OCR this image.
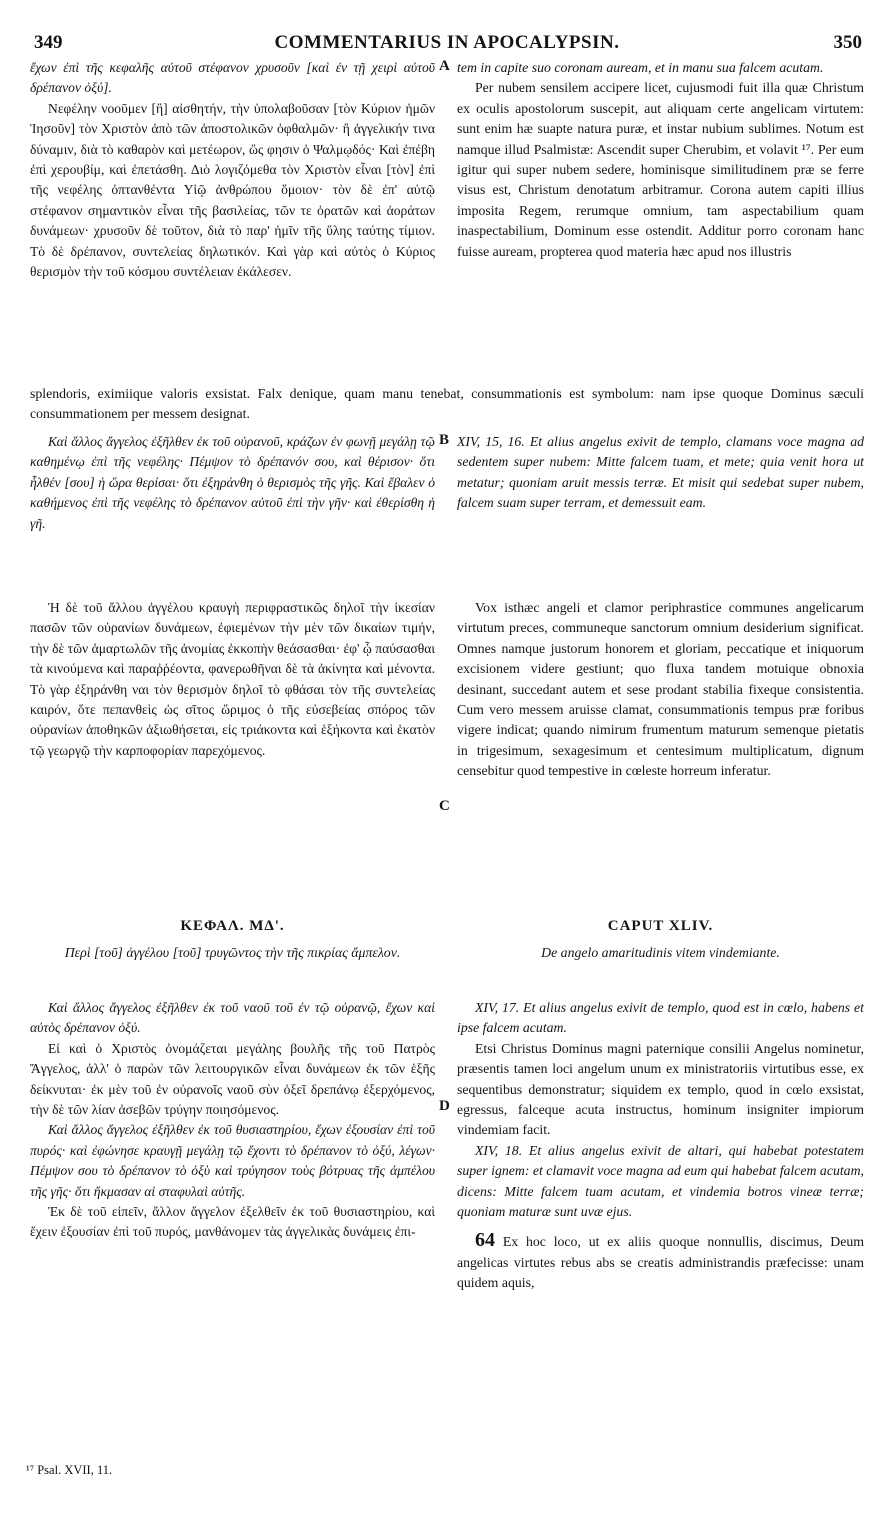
349	COMMENTARIUS IN APOCALYPSIN.	350

ἔχων ἐπὶ τῆς κεφαλῆς αὐτοῦ στέφανον χρυσοῦν [καὶ ἐν τῇ χειρὶ αὐτοῦ δρέπανον ὀξύ].

Νεφέλην νοοῦμεν [ἢ] αἰσθητήν, τὴν ὑπολαβοῦσαν [τὸν Κύριον ἡμῶν Ἰησοῦν] τὸν Χριστὸν ἀπὸ τῶν ἀποστολικῶν ὀφθαλμῶν· ἢ ἀγγελικήν τινα δύναμιν, διὰ τὸ καθαρὸν καὶ μετέωρον, ὥς φησιν ὁ Ψαλμῳδός· Καὶ ἐπέβη ἐπὶ χερουβίμ, καὶ ἐπετάσθη. Διὸ λογιζόμεθα τὸν Χριστὸν εἶναι [τὸν] ἐπὶ τῆς νεφέλης ὀπτανθέντα Υἱῷ ἀνθρώπου ὅμοιον· τὸν δὲ ἐπ' αὐτῷ στέφανον σημαντικὸν εἶναι τῆς βασιλείας, τῶν τε ὁρατῶν καὶ ἀοράτων δυνάμεων· χρυσοῦν δὲ τοῦτον, διὰ τὸ παρ' ἡμῖν τῆς ὕλης ταύτης τίμιον. Τὸ δὲ δρέπανον, συντελείας δηλωτικόν. Καὶ γὰρ καὶ αὐτὸς ὁ Κύριος θερισμὸν τὴν τοῦ κόσμου συντέλειαν ἐκάλεσεν.

A tem in capite suo coronam auream, et in manu sua falcem acutam.

Per nubem sensilem accipere licet, cujusmodi fuit illa quæ Christum ex oculis apostolorum suscepit, aut aliquam certe angelicam virtutem: sunt enim hæ suapte natura puræ, et instar nubium sublimes. Notum est namque illud Psalmistæ: Ascendit super Cherubim, et volavit ¹⁷. Per eum igitur qui super nubem sedere, hominisque similitudinem præ se ferre visus est, Christum denotatum arbitramur. Corona autem capiti illius imposita Regem, rerumque omnium, tam aspectabilium quam inaspectabilium, Dominum esse ostendit. Additur porro coronam hanc fuisse auream, propterea quod materia hæc apud nos illustris

splendoris, eximiique valoris exsistat. Falx denique, quam manu tenebat, consummationis est symbolum: nam ipse quoque Dominus sæculi consummationem per messem designat.

Καὶ ἄλλος ἄγγελος ἐξῆλθεν ἐκ τοῦ οὐρανοῦ, κράζων ἐν φωνῇ μεγάλῃ τῷ καθημένῳ ἐπὶ τῆς νεφέλης· Πέμψον τὸ δρέπανόν σου, καὶ θέρισον· ὅτι ἦλθέν [σου] ἡ ὥρα θερίσαι· ὅτι ἐξηράνθη ὁ θερισμὸς τῆς γῆς. Καὶ ἔβαλεν ὁ καθήμενος ἐπὶ τῆς νεφέλης τὸ δρέπανον αὐτοῦ ἐπὶ τὴν γῆν· καὶ ἐθερίσθη ἡ γῆ.

B XIV, 15, 16. Et alius angelus exivit de templo, clamans voce magna ad sedentem super nubem: Mitte falcem tuam, et mete; quia venit hora ut metatur; quoniam aruit messis terræ. Et misit qui sedebat super nubem, falcem suam super terram, et demessuit eam.

Ἡ δὲ τοῦ ἄλλου ἀγγέλου κραυγὴ περιφραστικῶς δηλοῖ τὴν ἱκεσίαν πασῶν τῶν οὐρανίων δυνάμεων, ἐφιεμένων τὴν μὲν τῶν δικαίων τιμήν, τὴν δὲ τῶν ἁμαρτωλῶν τῆς ἀνομίας ἐκκοπὴν θεάσασθαι· ἐφ' ᾧ παύσασθαι τὰ κινούμενα καὶ παραῤῥέοντα, φανερωθῆναι δὲ τὰ ἀκίνητα καὶ μένοντα. Τὸ γὰρ ἐξηράνθη ναι τὸν θερισμὸν δηλοῖ τὸ φθάσαι τὸν τῆς συντελείας καιρόν, ὅτε πεπανθεὶς ὡς σῖτος ὥριμος ὁ τῆς εὐσεβείας σπόρος τῶν οὐρανίων ἀποθηκῶν ἀξιωθήσεται, εἰς τριάκοντα καὶ ἑξήκοντα καὶ ἑκατὸν τῷ γεωργῷ τὴν καρποφορίαν παρεχόμενος.

C

Vox isthæc angeli et clamor periphrastice communes angelicarum virtutum preces, communeque sanctorum omnium desiderium significat. Omnes namque justorum honorem et gloriam, peccatique et iniquorum excisionem videre gestiunt; quo fluxa tandem motuique obnoxia desinant, succedant autem et sese prodant stabilia fixeque consistentia. Cum vero messem aruisse clamat, consummationis tempus præ foribus vigere indicat; quando nimirum frumentum maturum semenque pietatis in trigesimum, sexagesimum et centesimum multiplicatum, dignum censebitur quod tempestive in cœleste horreum inferatur.

ΚΕΦΑΛ. ΜΔ'.

Περὶ [τοῦ] ἀγγέλου [τοῦ] τρυγῶντος τὴν τῆς πικρίας ἄμπελον.

CAPUT XLIV.

De angelo amaritudinis vitem vindemiante.

Καὶ ἄλλος ἄγγελος ἐξῆλθεν ἐκ τοῦ ναοῦ τοῦ ἐν τῷ οὐρανῷ, ἔχων καὶ αὐτὸς δρέπανον ὀξύ.

Εἰ καὶ ὁ Χριστὸς ὀνομάζεται μεγάλης βουλῆς τῆς τοῦ Πατρὸς Ἄγγελος, ἀλλ' ὁ παρὼν τῶν λειτουργικῶν εἶναι δυνάμεων ἐκ τῶν ἑξῆς δείκνυται· ἐκ μὲν τοῦ ἐν οὐρανοῖς ναοῦ σὺν ὀξεῖ δρεπάνῳ ἐξερχόμενος, τὴν δὲ τῶν λίαν ἀσεβῶν τρύγην ποιησόμενος.

Καὶ ἄλλος ἄγγελος ἐξῆλθεν ἐκ τοῦ θυσιαστηρίου, ἔχων ἐξουσίαν ἐπὶ τοῦ πυρός· καὶ ἐφώνησε κραυγῇ μεγάλῃ τῷ ἔχοντι τὸ δρέπανον τὸ ὀξύ, λέγων· Πέμψον σου τὸ δρέπανον τὸ ὀξὺ καὶ τρύγησον τοὺς βότρυας τῆς ἀμπέλου τῆς γῆς· ὅτι ἤκμασαν αἱ σταφυλαὶ αὐτῆς.

Ἐκ δὲ τοῦ εἰπεῖν, ἄλλον ἄγγελον ἐξελθεῖν ἐκ τοῦ θυσιαστηρίου, καὶ ἔχειν ἐξουσίαν ἐπὶ τοῦ πυρός, μανθάνομεν τὰς ἀγγελικὰς δυνάμεις ἐπι-

D

XIV, 17. Et alius angelus exivit de templo, quod est in cœlo, habens et ipse falcem acutam.

Etsi Christus Dominus magni paternique consilii Angelus nominetur, præsentis tamen loci angelum unum ex ministratoriis virtutibus esse, ex sequentibus demonstratur; siquidem ex templo, quod in cœlo exsistat, egressus, falceque acuta instructus, hominum insigniter impiorum vindemiam facit.

XIV, 18. Et alius angelus exivit de altari, qui habebat potestatem super ignem: et clamavit voce magna ad eum qui habebat falcem acutam, dicens: Mitte falcem tuam acutam, et vindemia botros vineæ terræ; quoniam maturæ sunt uvæ ejus.

64 Ex hoc loco, ut ex aliis quoque nonnullis, discimus, Deum angelicas virtutes rebus abs se creatis administrandis præfecisse: unam quidem aquis,

¹⁷ Psal. XVII, 11.
